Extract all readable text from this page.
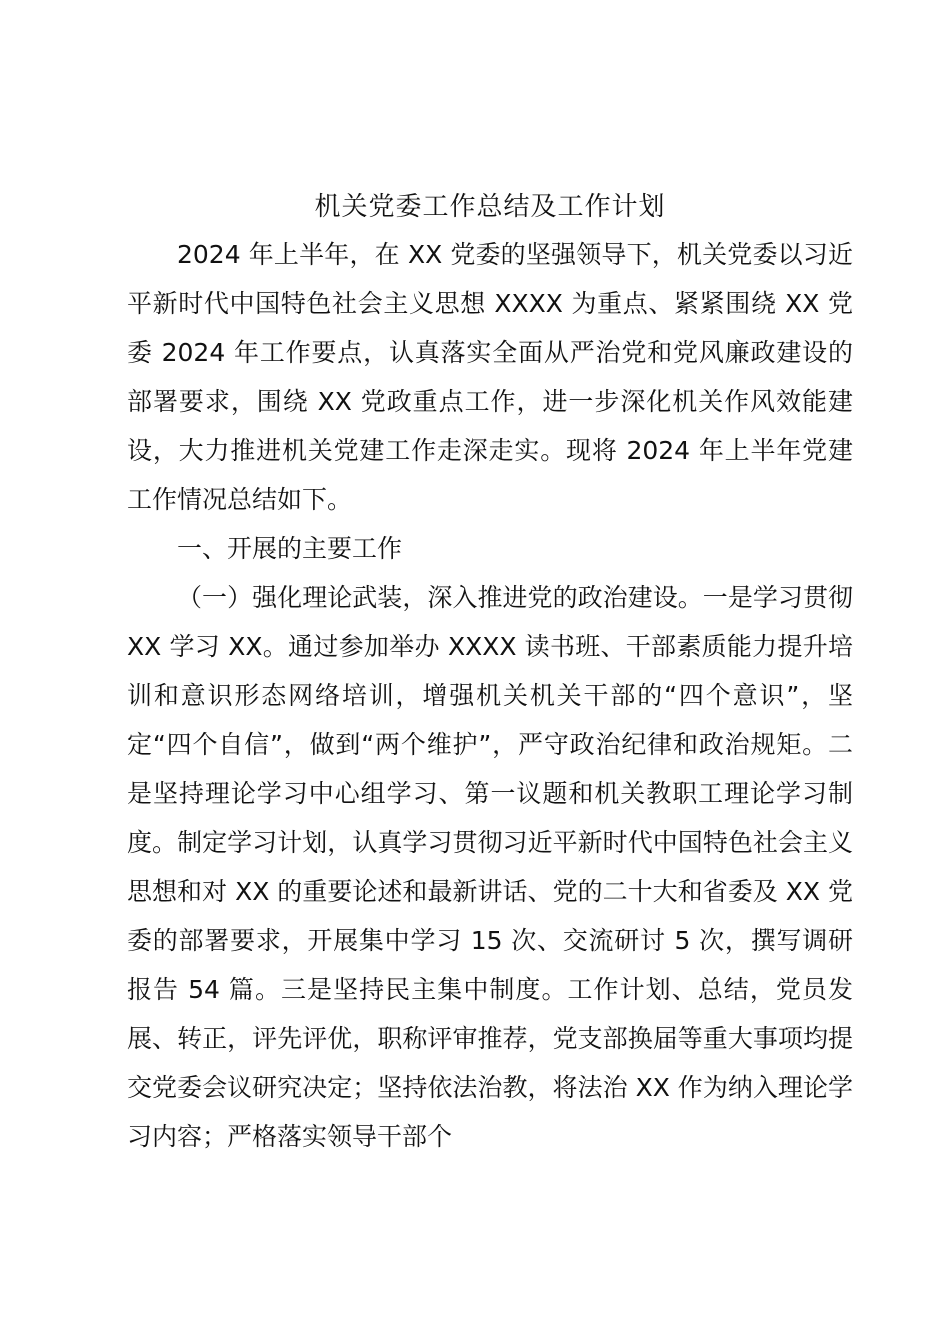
机关党委工作总结及工作计划

2024 年上半年，在 XX 党委的坚强领导下，机关党委以习近平新时代中国特色社会主义思想 XXXX 为重点、紧紧围绕 XX 党委 2024 年工作要点，认真落实全面从严治党和党风廉政建设的部署要求，围绕 XX 党政重点工作，进一步深化机关作风效能建设，大力推进机关党建工作走深走实。现将 2024 年上半年党建工作情况总结如下。

一、开展的主要工作

（一）强化理论武装，深入推进党的政治建设。一是学习贯彻 XX 学习 XX。通过参加举办 XXXX 读书班、干部素质能力提升培训和意识形态网络培训，增强机关机关干部的“四个意识”，坚定“四个自信”，做到“两个维护”，严守政治纪律和政治规矩。二是坚持理论学习中心组学习、第一议题和机关教职工理论学习制度。制定学习计划，认真学习贯彻习近平新时代中国特色社会主义思想和对 XX 的重要论述和最新讲话、党的二十大和省委及 XX 党委的部署要求，开展集中学习 15 次、交流研讨 5 次，撰写调研报告 54 篇。三是坚持民主集中制度。工作计划、总结，党员发展、转正，评先评优，职称评审推荐，党支部换届等重大事项均提交党委会议研究决定；坚持依法治教，将法治 XX 作为纳入理论学习内容；严格落实领导干部个
